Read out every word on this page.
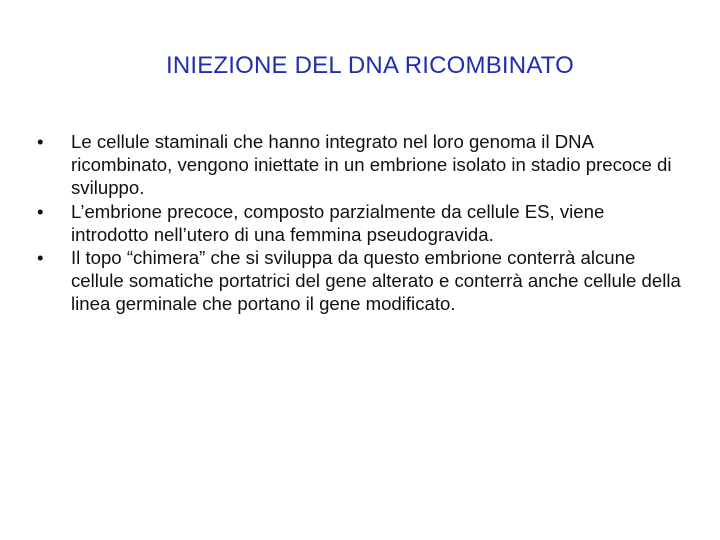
INIEZIONE DEL DNA RICOMBINATO
• Le cellule staminali che hanno integrato nel loro genoma il DNA ricombinato, vengono iniettate in un embrione isolato in stadio precoce di sviluppo.
• L’embrione precoce, composto parzialmente da cellule ES, viene introdotto nell’utero di una femmina pseudogravida.
• Il topo “chimera” che si sviluppa da questo embrione conterrà alcune cellule somatiche portatrici del gene alterato e conterrà anche cellule della linea germinale che portano il gene modificato.
